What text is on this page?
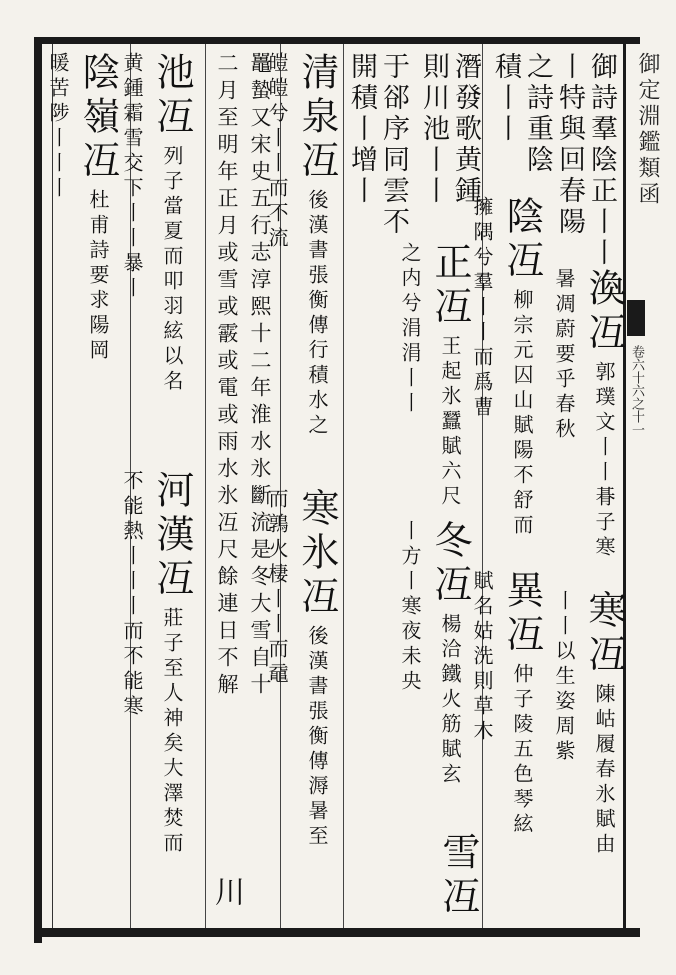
御定淵鑑類函
卷六十六之十一
御詩羣陰正丨丨
丨特與回春陽
渙冱 郭璞文丨丨朞子寒 暑凋蔚要乎春秋
寒冱 陳岵履春氷賦由 丨丨以生姿周紫
之詩重陰
積丨丨
陰冱 柳宗元囚山賦陽不舒而 擁隅兮羣丨丨而爲曹
異冱 仲子陵五色琴絃 賦名姑洗則草木
潛發歌黄鍾
則川池丨丨
正冱 王起氷蠶賦六尺 之内兮涓涓丨丨
冬冱 楊洽鐵火筋賦玄 丨方丨寒夜未央
雪冱
于郤序同雲不
開積丨增丨
清泉冱 後漢書張衡傳行積水之 皚皚兮丨丨而不流
寒氷冱 後漢書張衡傳溽暑至 而鶉火棲丨丨而黿
鼉蟄又宋史五行志淳熙十二年淮水氷斷流是冬大雪自十
二月至明年正月或雪或霰或電或雨水氷冱尺餘連日不解
川
池冱 列子當夏而叩羽絃以名 黄鍾霜雪交下丨丨暴丨
河漢冱 莊子至人神矣大澤焚而 不能熱丨丨丨而不能寒
陰嶺冱 杜甫詩要求陽岡 暖苦陟丨丨丨
